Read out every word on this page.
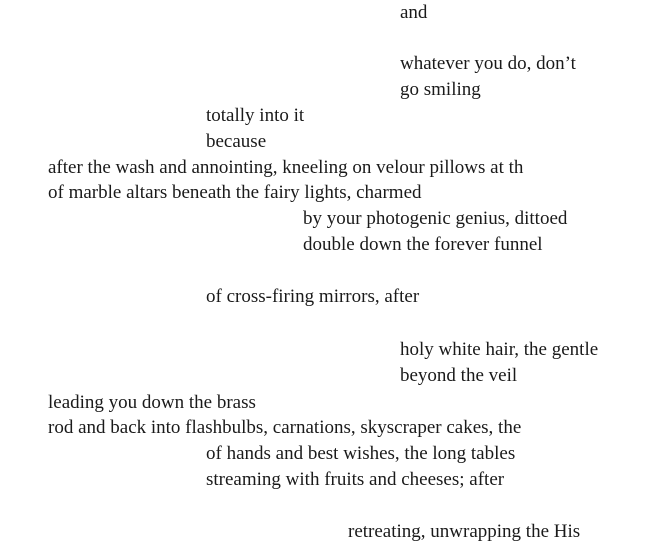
and
whatever you do, don’t
go smiling
totally into it
because
after the wash and annointing, kneeling on velour pillows at th
of marble altars beneath the fairy lights, charmed
by your photogenic genius, dittoed
double down the forever funnel
of cross-firing mirrors, after
holy white hair, the gentle
beyond the veil
leading you down the brass
rod and back into flashbulbs, carnations, skyscraper cakes, the
of hands and best wishes, the long tables
streaming with fruits and cheeses; after
retreating, unwrapping the His
